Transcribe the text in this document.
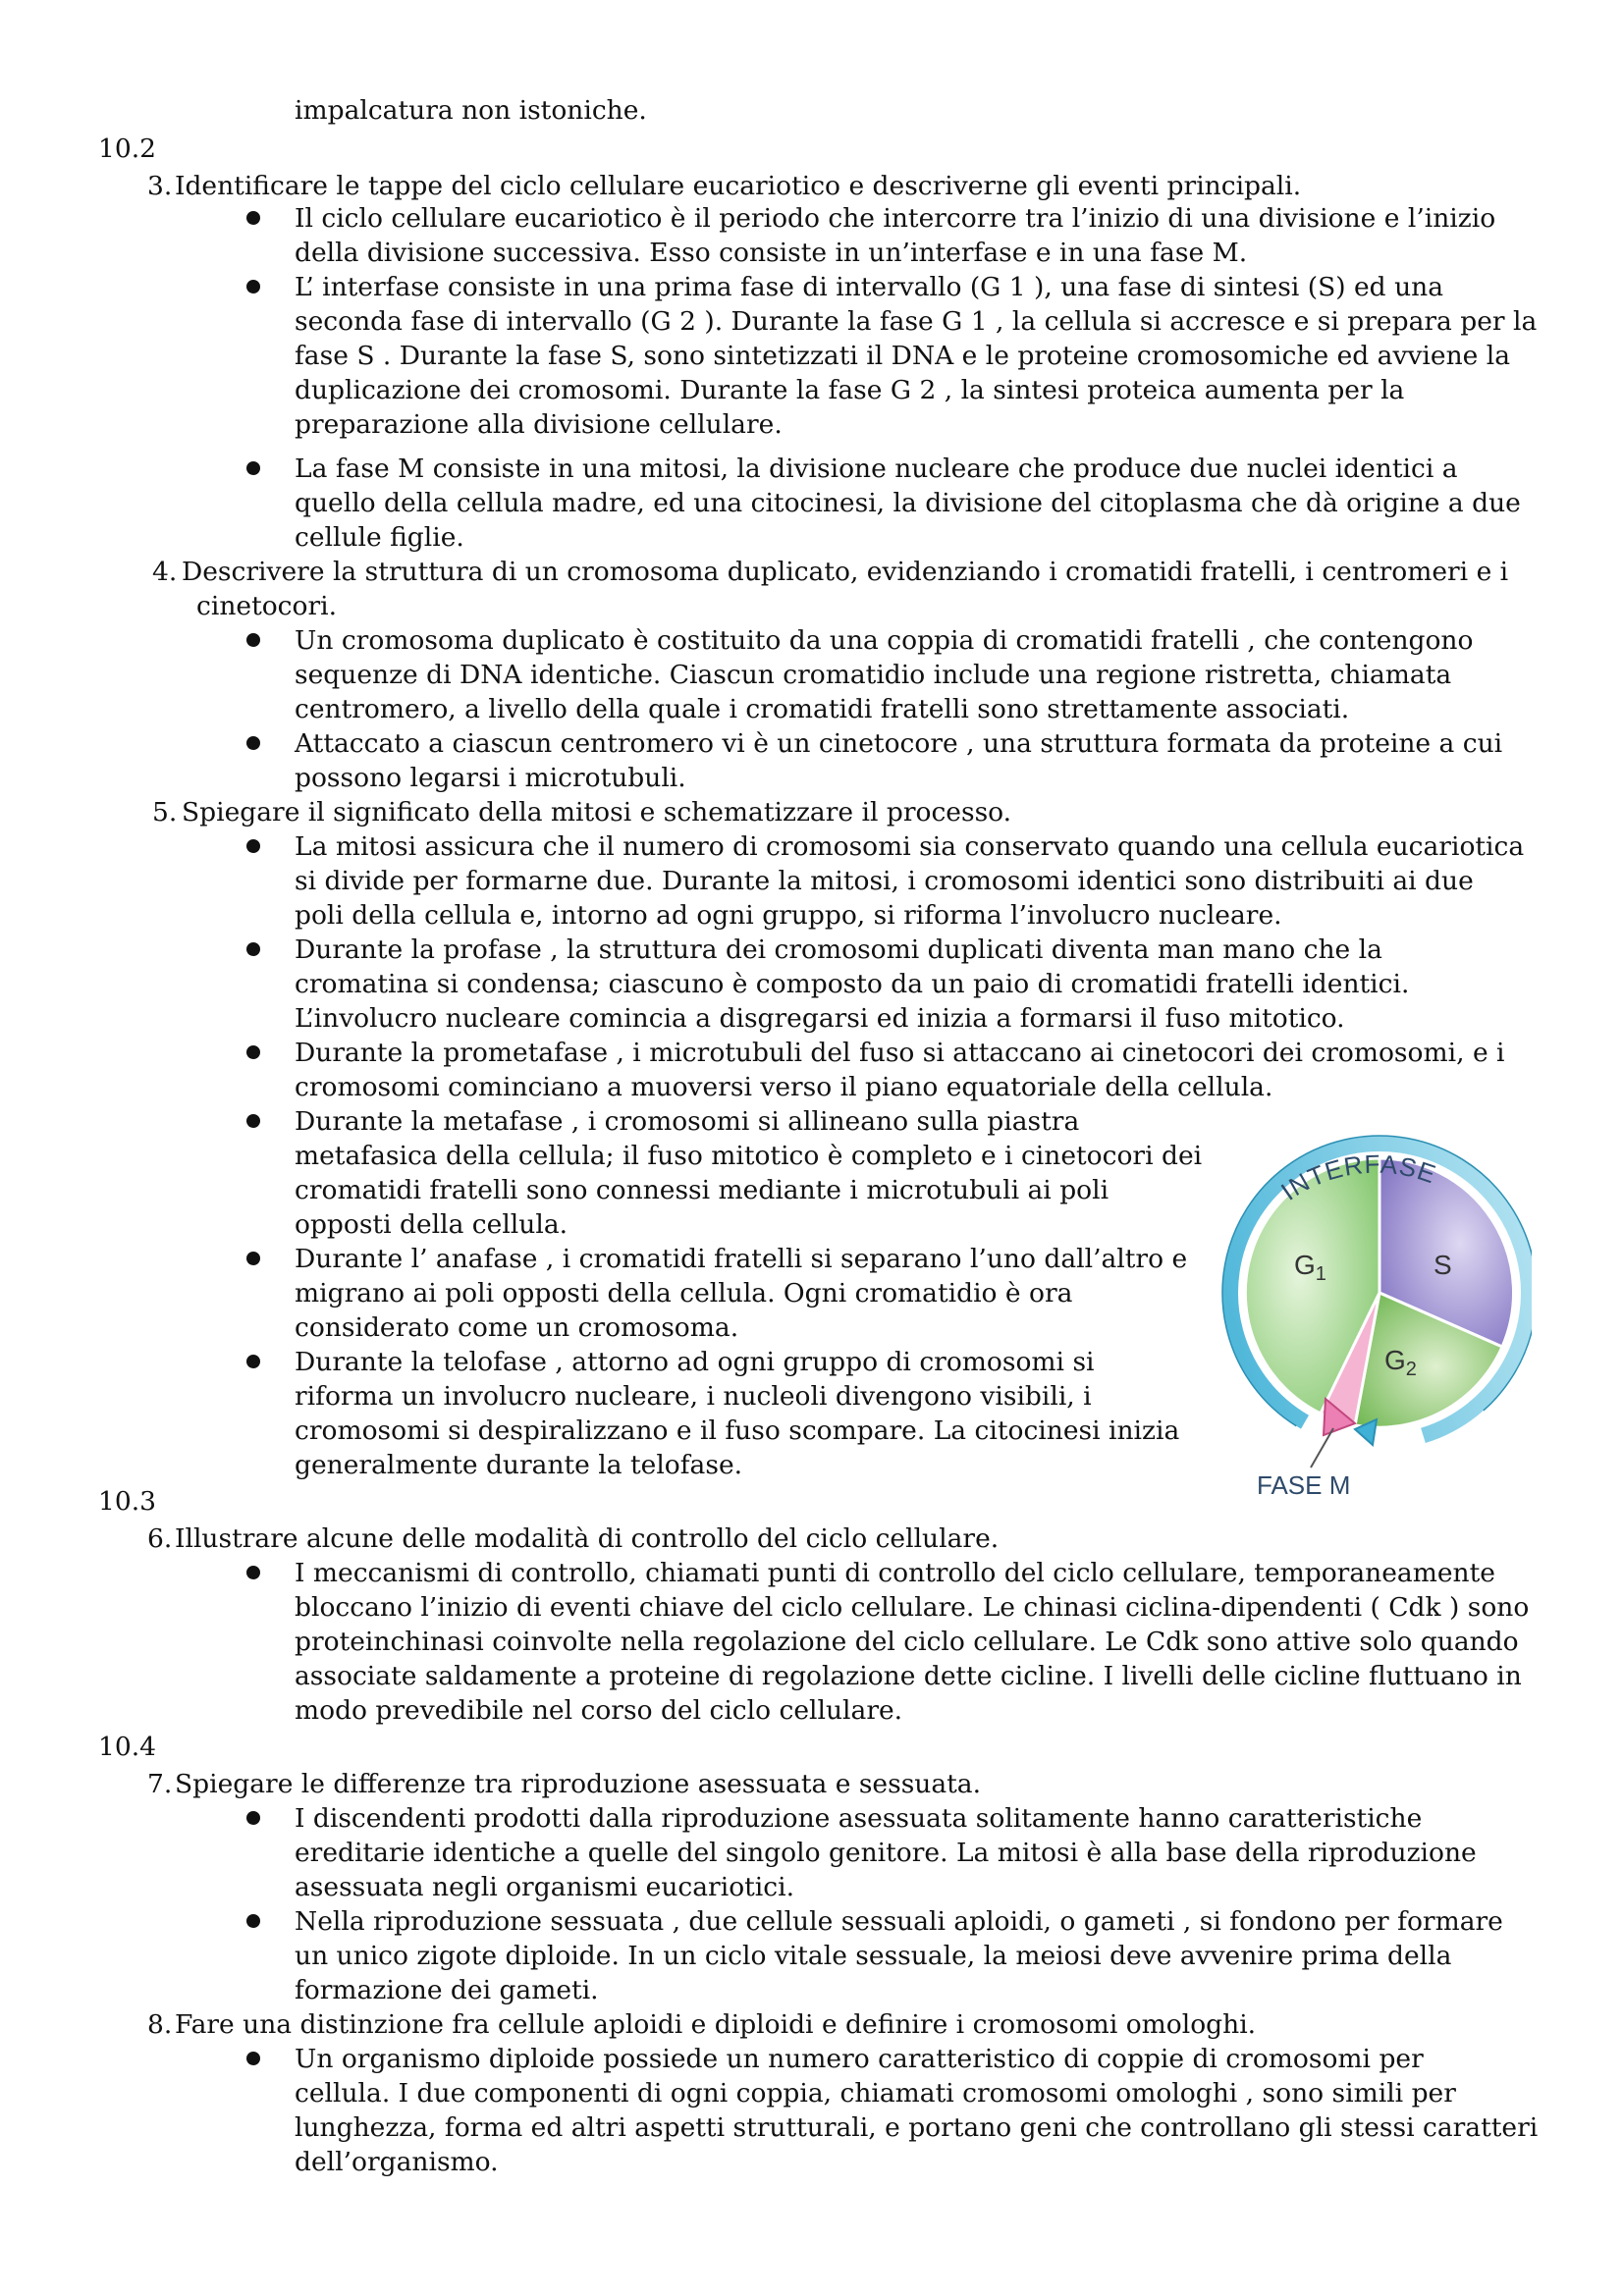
impalcatura non istoniche.
10.2
3. Identificare le tappe del ciclo cellulare eucariotico e descriverne gli eventi principali.
Il ciclo cellulare eucariotico è il periodo che intercorre tra l’inizio di una divisione e l’inizio
della divisione successiva. Esso consiste in un’interfase e in una fase M.
L’ interfase consiste in una prima fase di intervallo (G 1 ), una fase di sintesi (S) ed una
seconda fase di intervallo (G 2 ). Durante la fase G 1 , la cellula si accresce e si prepara per la
fase S . Durante la fase S, sono sintetizzati il DNA e le proteine cromosomiche ed avviene la
duplicazione dei cromosomi. Durante la fase G 2 , la sintesi proteica aumenta per la
preparazione alla divisione cellulare.
La fase M consiste in una mitosi, la divisione nucleare che produce due nuclei identici a
quello della cellula madre, ed una citocinesi, la divisione del citoplasma che dà origine a due
cellule figlie.
4. Descrivere la struttura di un cromosoma duplicato, evidenziando i cromatidi fratelli, i centromeri e i
cinetocori.
Un cromosoma duplicato è costituito da una coppia di cromatidi fratelli , che contengono
sequenze di DNA identiche. Ciascun cromatidio include una regione ristretta, chiamata
centromero, a livello della quale i cromatidi fratelli sono strettamente associati.
Attaccato a ciascun centromero vi è un cinetocore , una struttura formata da proteine a cui
possono legarsi i microtubuli.
5. Spiegare il significato della mitosi e schematizzare il processo.
La mitosi assicura che il numero di cromosomi sia conservato quando una cellula eucariotica
si divide per formarne due. Durante la mitosi, i cromosomi identici sono distribuiti ai due
poli della cellula e, intorno ad ogni gruppo, si riforma l’involucro nucleare.
Durante la profase , la struttura dei cromosomi duplicati diventa man mano che la
cromatina si condensa; ciascuno è composto da un paio di cromatidi fratelli identici.
L’involucro nucleare comincia a disgregarsi ed inizia a formarsi il fuso mitotico.
Durante la prometafase , i microtubuli del fuso si attaccano ai cinetocori dei cromosomi, e i
cromosomi cominciano a muoversi verso il piano equatoriale della cellula.
Durante la metafase , i cromosomi si allineano sulla piastra
metafasica della cellula; il fuso mitotico è completo e i cinetocori dei
cromatidi fratelli sono connessi mediante i microtubuli ai poli
opposti della cellula.
Durante l’ anafase , i cromatidi fratelli si separano l’uno dall’altro e
migrano ai poli opposti della cellula. Ogni cromatidio è ora
considerato come un cromosoma.
Durante la telofase , attorno ad ogni gruppo di cromosomi si
riforma un involucro nucleare, i nucleoli divengono visibili, i
cromosomi si despiralizzano e il fuso scompare. La citocinesi inizia
generalmente durante la telofase.
INTERFASE
$G_1$	S
$G_2$
FASE M
10.3
6. Illustrare alcune delle modalità di controllo del ciclo cellulare.
I meccanismi di controllo, chiamati punti di controllo del ciclo cellulare, temporaneamente
bloccano l’inizio di eventi chiave del ciclo cellulare. Le chinasi ciclina-dipendenti ( Cdk ) sono
proteinchinasi coinvolte nella regolazione del ciclo cellulare. Le Cdk sono attive solo quando
associate saldamente a proteine di regolazione dette cicline. I livelli delle cicline fluttuano in
modo prevedibile nel corso del ciclo cellulare.
10.4
7. Spiegare le differenze tra riproduzione asessuata e sessuata.
I discendenti prodotti dalla riproduzione asessuata solitamente hanno caratteristiche
ereditarie identiche a quelle del singolo genitore. La mitosi è alla base della riproduzione
asessuata negli organismi eucariotici.
Nella riproduzione sessuata , due cellule sessuali aploidi, o gameti , si fondono per formare
un unico zigote diploide. In un ciclo vitale sessuale, la meiosi deve avvenire prima della
formazione dei gameti.
8. Fare una distinzione fra cellule aploidi e diploidi e definire i cromosomi omologhi.
Un organismo diploide possiede un numero caratteristico di coppie di cromosomi per
cellula. I due componenti di ogni coppia, chiamati cromosomi omologhi , sono simili per
lunghezza, forma ed altri aspetti strutturali, e portano geni che controllano gli stessi caratteri
dell’organismo.
